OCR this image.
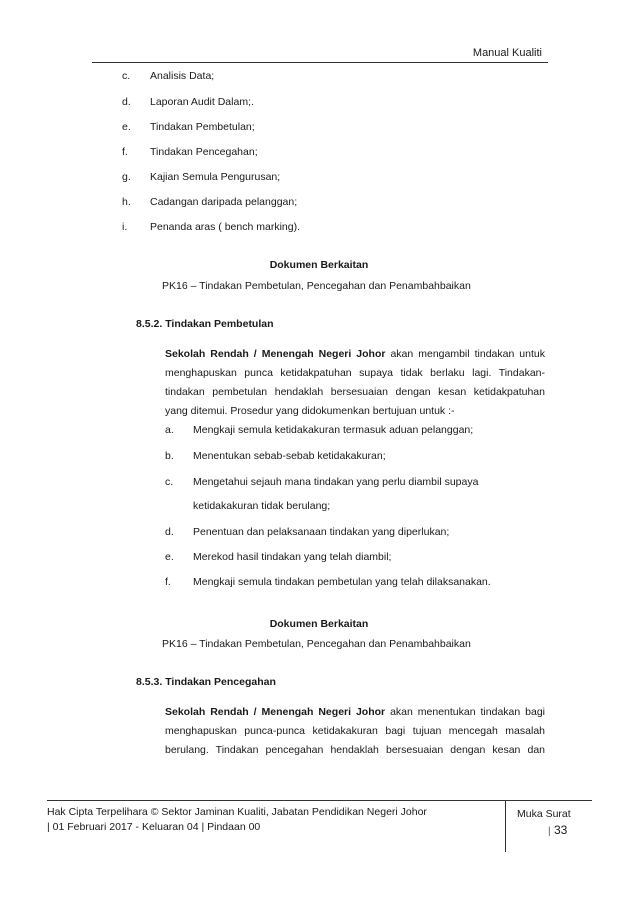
Manual Kualiti
c. Analisis Data;
d. Laporan Audit Dalam;.
e. Tindakan Pembetulan;
f. Tindakan Pencegahan;
g. Kajian Semula Pengurusan;
h. Cadangan daripada pelanggan;
i. Penanda aras ( bench marking).
Dokumen Berkaitan
PK16 – Tindakan Pembetulan, Pencegahan dan Penambahbaikan
8.5.2. Tindakan Pembetulan
Sekolah Rendah / Menengah Negeri Johor akan mengambil tindakan untuk
menghapuskan punca ketidakpatuhan supaya tidak berlaku lagi. Tindakan-
tindakan pembetulan hendaklah bersesuaian dengan kesan ketidakpatuhan
yang ditemui. Prosedur yang didokumenkan bertujuan untuk :-
a. Mengkaji semula ketidakakuran termasuk aduan pelanggan;
b. Menentukan sebab-sebab ketidakakuran;
c. Mengetahui sejauh mana tindakan yang perlu diambil supaya
ketidakakuran tidak berulang;
d. Penentuan dan pelaksanaan tindakan yang diperlukan;
e. Merekod hasil tindakan yang telah diambil;
f. Mengkaji semula tindakan pembetulan yang telah dilaksanakan.
Dokumen Berkaitan
PK16 – Tindakan Pembetulan, Pencegahan dan Penambahbaikan
8.5.3. Tindakan Pencegahan
Sekolah Rendah / Menengah Negeri Johor akan menentukan tindakan bagi
menghapuskan punca-punca ketidakakuran bagi tujuan mencegah masalah
berulang. Tindakan pencegahan hendaklah bersesuaian dengan kesan dan
Hak Cipta Terpelihara © Sektor Jaminan Kualiti, Jabatan Pendidikan Negeri Johor
| 01 Februari 2017 - Keluaran 04 | Pindaan 00
Muka Surat
| 33
